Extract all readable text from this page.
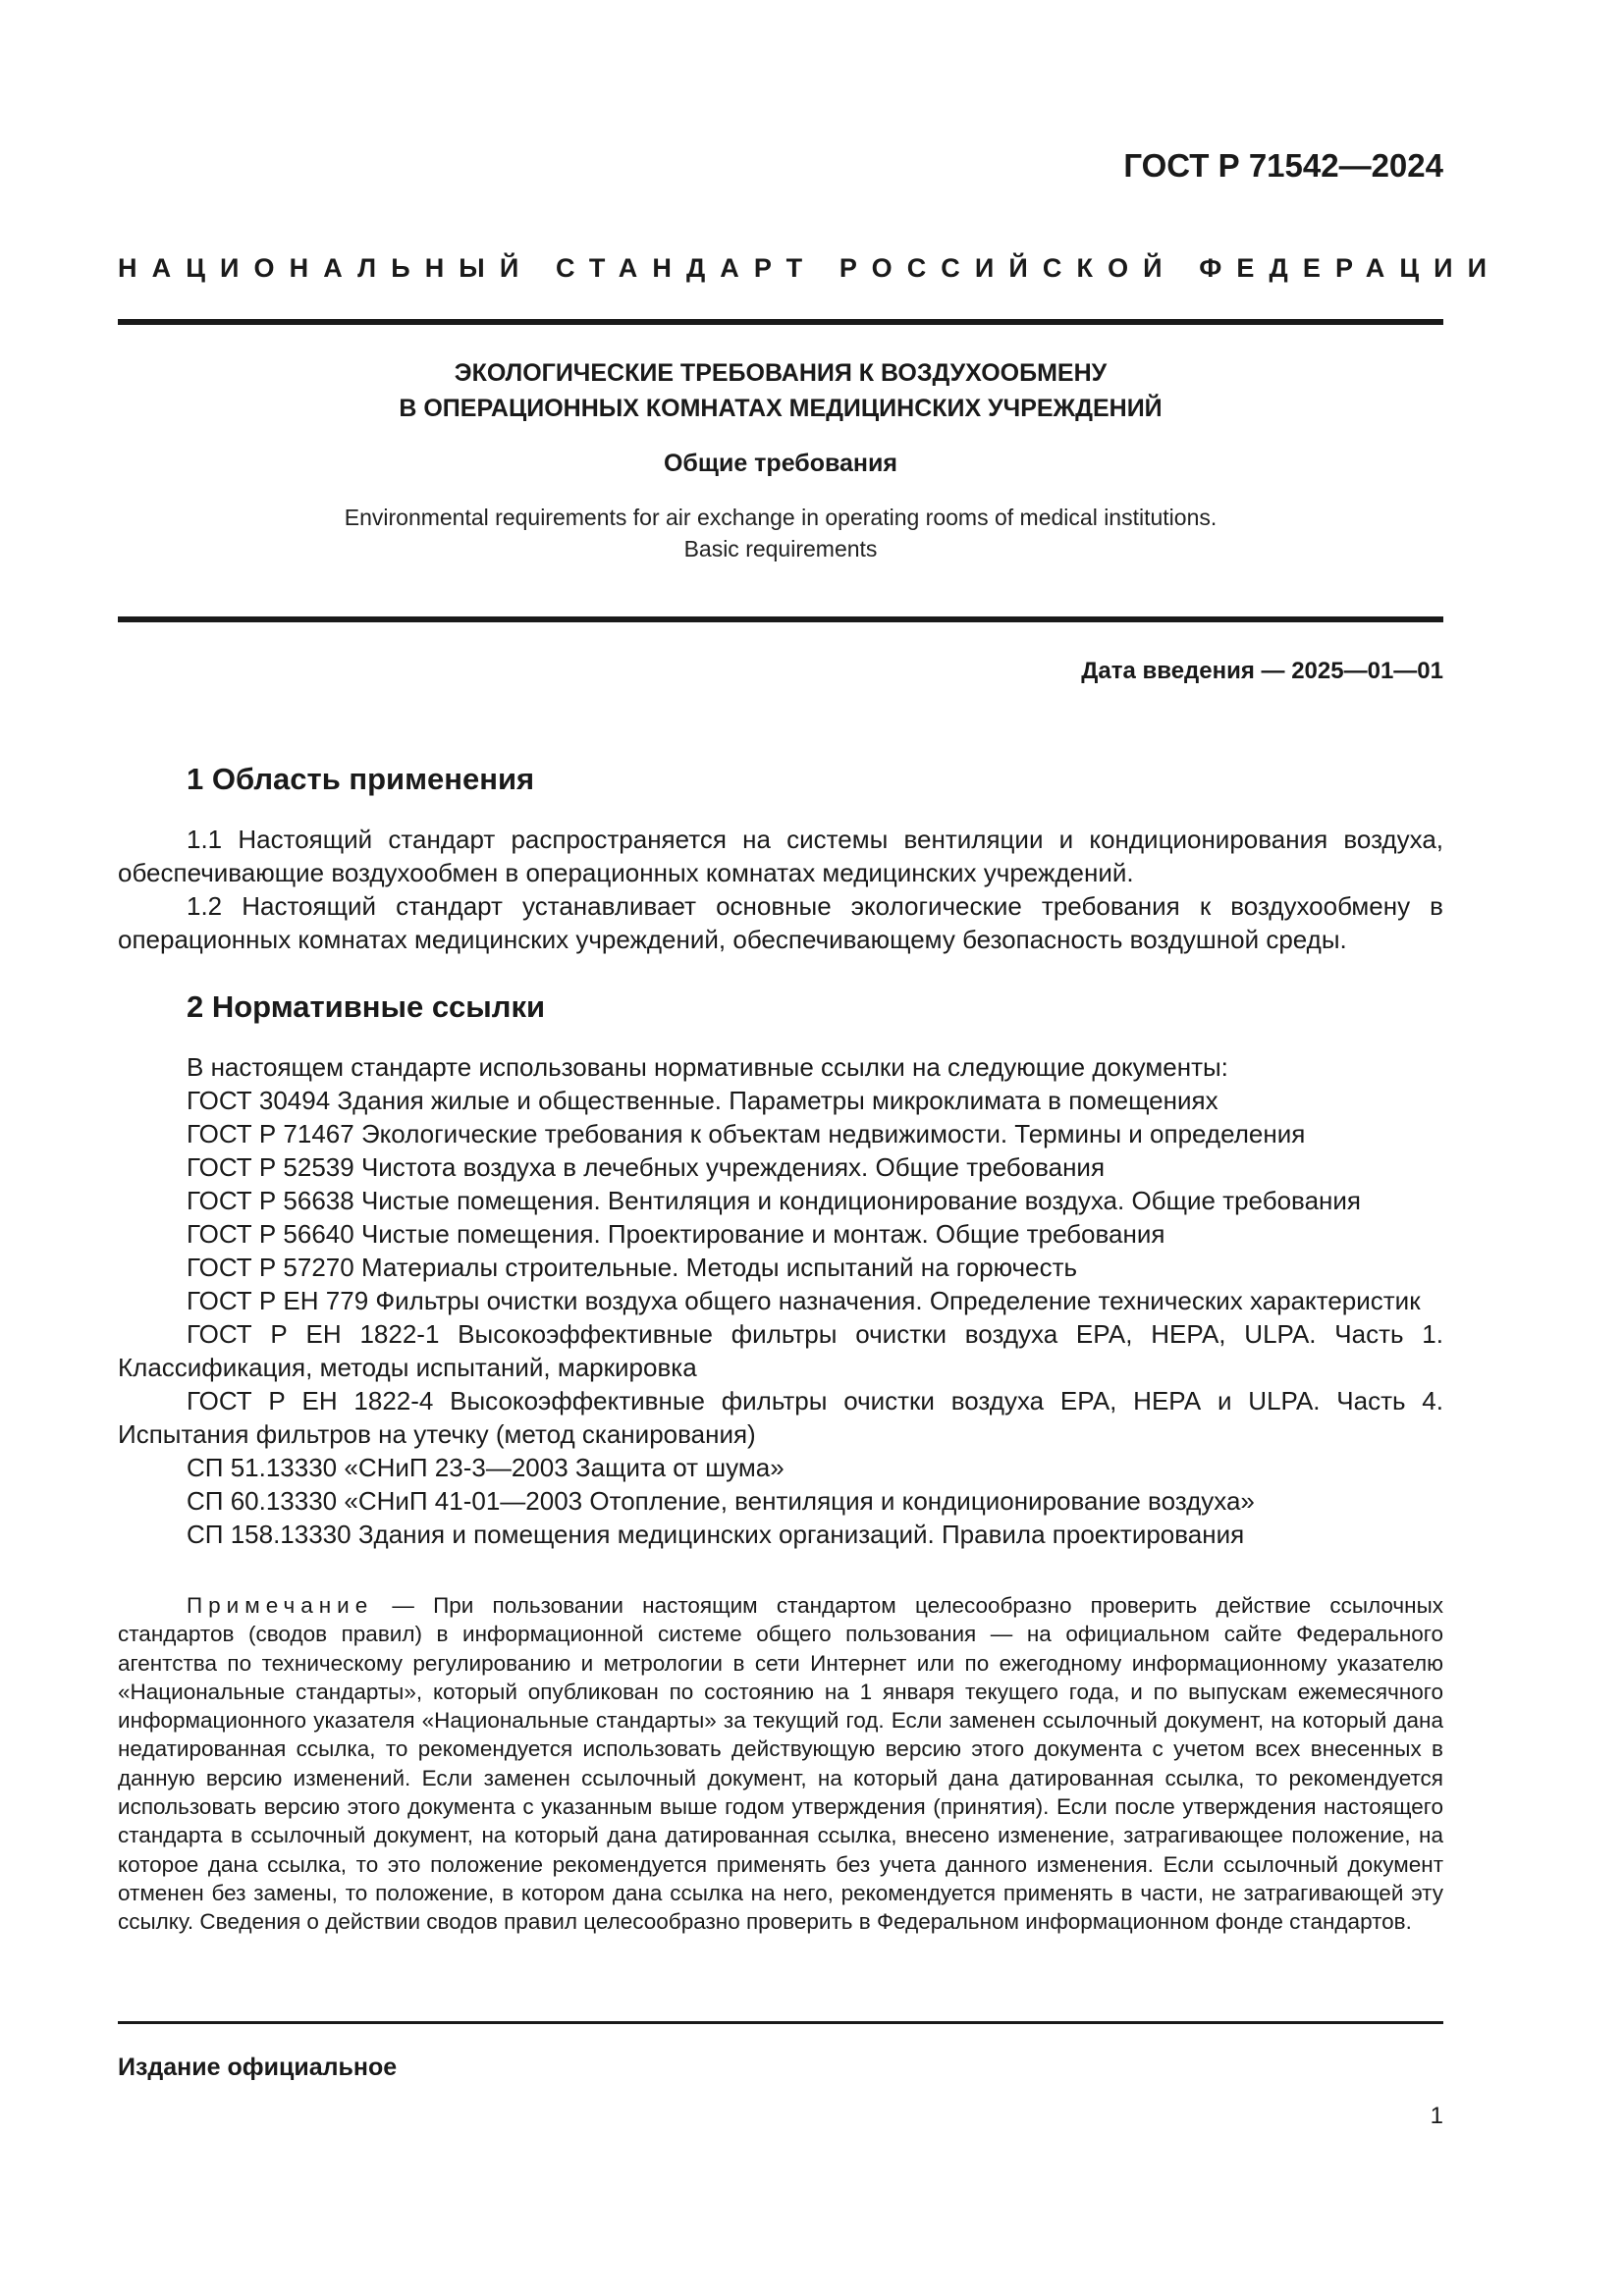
ГОСТ Р 71542—2024
НАЦИОНАЛЬНЫЙ СТАНДАРТ РОССИЙСКОЙ ФЕДЕРАЦИИ
ЭКОЛОГИЧЕСКИЕ ТРЕБОВАНИЯ К ВОЗДУХООБМЕНУ
В ОПЕРАЦИОННЫХ КОМНАТАХ МЕДИЦИНСКИХ УЧРЕЖДЕНИЙ
Общие требования
Environmental requirements for air exchange in operating rooms of medical institutions.
Basic requirements
Дата введения — 2025—01—01
1 Область применения
1.1 Настоящий стандарт распространяется на системы вентиляции и кондиционирования воздуха, обеспечивающие воздухообмен в операционных комнатах медицинских учреждений.
1.2 Настоящий стандарт устанавливает основные экологические требования к воздухообмену в операционных комнатах медицинских учреждений, обеспечивающему безопасность воздушной среды.
2 Нормативные ссылки
В настоящем стандарте использованы нормативные ссылки на следующие документы:
ГОСТ 30494 Здания жилые и общественные. Параметры микроклимата в помещениях
ГОСТ Р 71467 Экологические требования к объектам недвижимости. Термины и определения
ГОСТ Р 52539 Чистота воздуха в лечебных учреждениях. Общие требования
ГОСТ Р 56638 Чистые помещения. Вентиляция и кондиционирование воздуха. Общие требования
ГОСТ Р 56640 Чистые помещения. Проектирование и монтаж. Общие требования
ГОСТ Р 57270 Материалы строительные. Методы испытаний на горючесть
ГОСТ Р ЕН 779 Фильтры очистки воздуха общего назначения. Определение технических характеристик
ГОСТ Р ЕН 1822-1 Высокоэффективные фильтры очистки воздуха ЕРА, НЕРА, ULPA. Часть 1. Классификация, методы испытаний, маркировка
ГОСТ Р ЕН 1822-4 Высокоэффективные фильтры очистки воздуха ЕРА, НЕРА и ULPA. Часть 4. Испытания фильтров на утечку (метод сканирования)
СП 51.13330 «СНиП 23-3—2003 Защита от шума»
СП 60.13330 «СНиП 41-01—2003 Отопление, вентиляция и кондиционирование воздуха»
СП 158.13330 Здания и помещения медицинских организаций. Правила проектирования
Примечание — При пользовании настоящим стандартом целесообразно проверить действие ссылочных стандартов (сводов правил) в информационной системе общего пользования — на официальном сайте Федерального агентства по техническому регулированию и метрологии в сети Интернет или по ежегодному информационному указателю «Национальные стандарты», который опубликован по состоянию на 1 января текущего года, и по выпускам ежемесячного информационного указателя «Национальные стандарты» за текущий год. Если заменен ссылочный документ, на который дана недатированная ссылка, то рекомендуется использовать действующую версию этого документа с учетом всех внесенных в данную версию изменений. Если заменен ссылочный документ, на который дана датированная ссылка, то рекомендуется использовать версию этого документа с указанным выше годом утверждения (принятия). Если после утверждения настоящего стандарта в ссылочный документ, на который дана датированная ссылка, внесено изменение, затрагивающее положение, на которое дана ссылка, то это положение рекомендуется применять без учета данного изменения. Если ссылочный документ отменен без замены, то положение, в котором дана ссылка на него, рекомендуется применять в части, не затрагивающей эту ссылку. Сведения о действии сводов правил целесообразно проверить в Федеральном информационном фонде стандартов.
Издание официальное
1
